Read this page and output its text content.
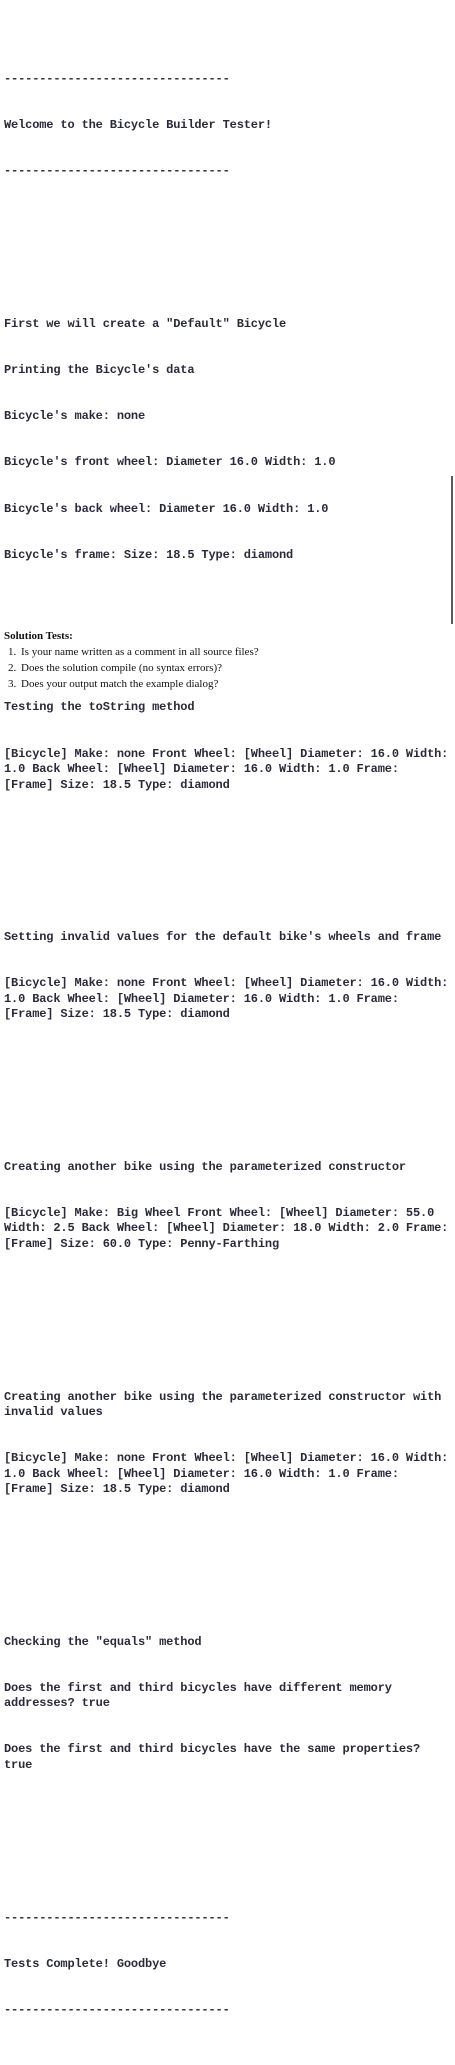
--------------------------------

Welcome to the Bicycle Builder Tester!

--------------------------------

First we will create a "Default" Bicycle

Printing the Bicycle's data

Bicycle's make: none

Bicycle's front wheel: Diameter 16.0 Width: 1.0

Bicycle's back wheel: Diameter 16.0 Width: 1.0

Bicycle's frame: Size: 18.5 Type: diamond

Testing the toString method

[Bicycle] Make: none Front Wheel: [Wheel] Diameter: 16.0 Width: 1.0 Back Wheel: [Wheel] Diameter: 16.0 Width: 1.0 Frame: [Frame] Size: 18.5 Type: diamond

Setting invalid values for the default bike's wheels and frame

[Bicycle] Make: none Front Wheel: [Wheel] Diameter: 16.0 Width: 1.0 Back Wheel: [Wheel] Diameter: 16.0 Width: 1.0 Frame: [Frame] Size: 18.5 Type: diamond

Creating another bike using the parameterized constructor

[Bicycle] Make: Big Wheel Front Wheel: [Wheel] Diameter: 55.0 Width: 2.5 Back Wheel: [Wheel] Diameter: 18.0 Width: 2.0 Frame: [Frame] Size: 60.0 Type: Penny-Farthing

Creating another bike using the parameterized constructor with invalid values

[Bicycle] Make: none Front Wheel: [Wheel] Diameter: 16.0 Width: 1.0 Back Wheel: [Wheel] Diameter: 16.0 Width: 1.0 Frame: [Frame] Size: 18.5 Type: diamond

Checking the "equals" method

Does the first and third bicycles have different memory addresses? true

Does the first and third bicycles have the same properties? true

--------------------------------

Tests Complete! Goodbye

--------------------------------

Solution Tests:
1. Is your name written as a comment in all source files?
2. Does the solution compile (no syntax errors)?
3. Does your output match the example dialog?
